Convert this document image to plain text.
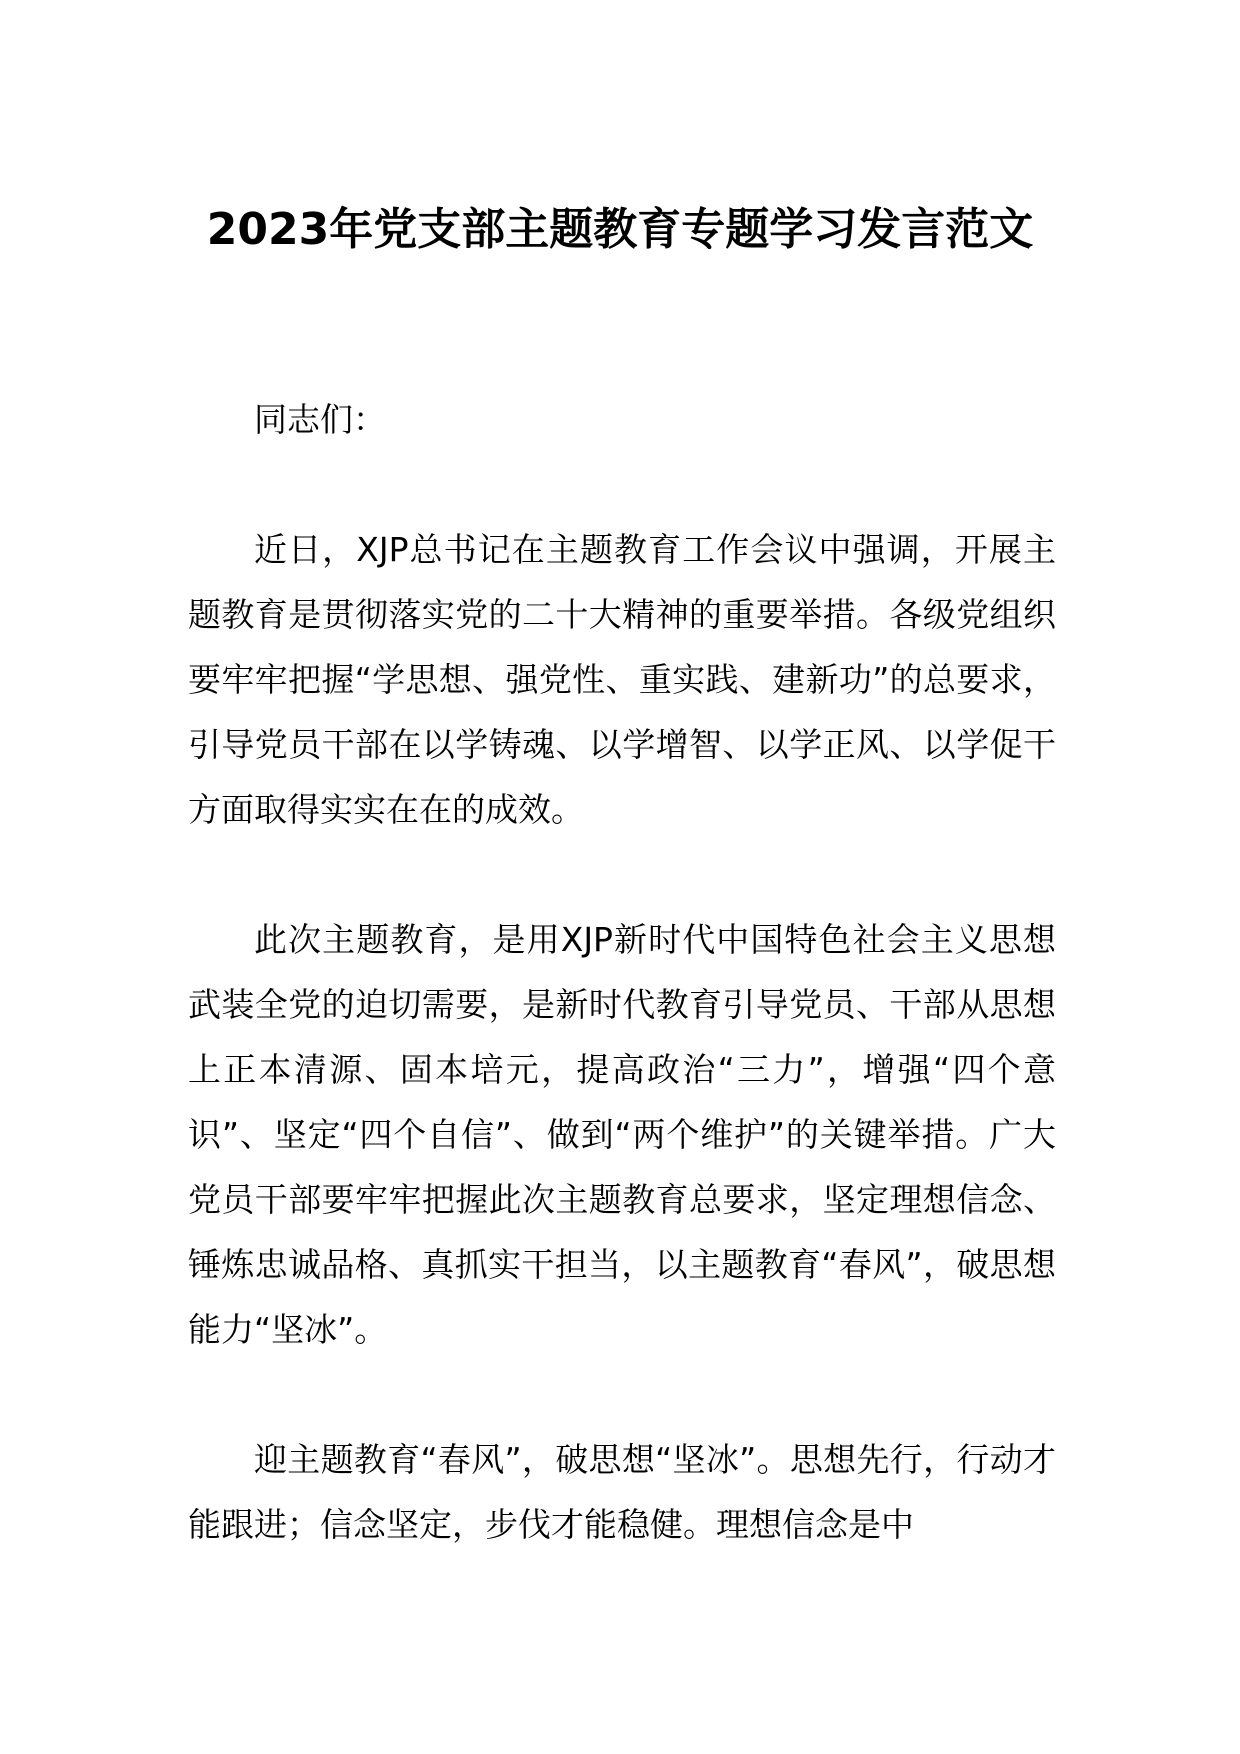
2023年党支部主题教育专题学习发言范文

同志们：

近日，XJP总书记在主题教育工作会议中强调，开展主题教育是贯彻落实党的二十大精神的重要举措。各级党组织要牢牢把握“学思想、强党性、重实践、建新功”的总要求，引导党员干部在以学铸魂、以学增智、以学正风、以学促干方面取得实实在在的成效。

此次主题教育，是用XJP新时代中国特色社会主义思想武装全党的迫切需要，是新时代教育引导党员、干部从思想上正本清源、固本培元，提高政治“三力”，增强“四个意识”、坚定“四个自信”、做到“两个维护”的关键举措。广大党员干部要牢牢把握此次主题教育总要求，坚定理想信念、锤炼忠诚品格、真抓实干担当，以主题教育“春风”，破思想能力“坚冰”。

迎主题教育“春风”，破思想“坚冰”。思想先行，行动才能跟进；信念坚定，步伐才能稳健。理想信念是中
